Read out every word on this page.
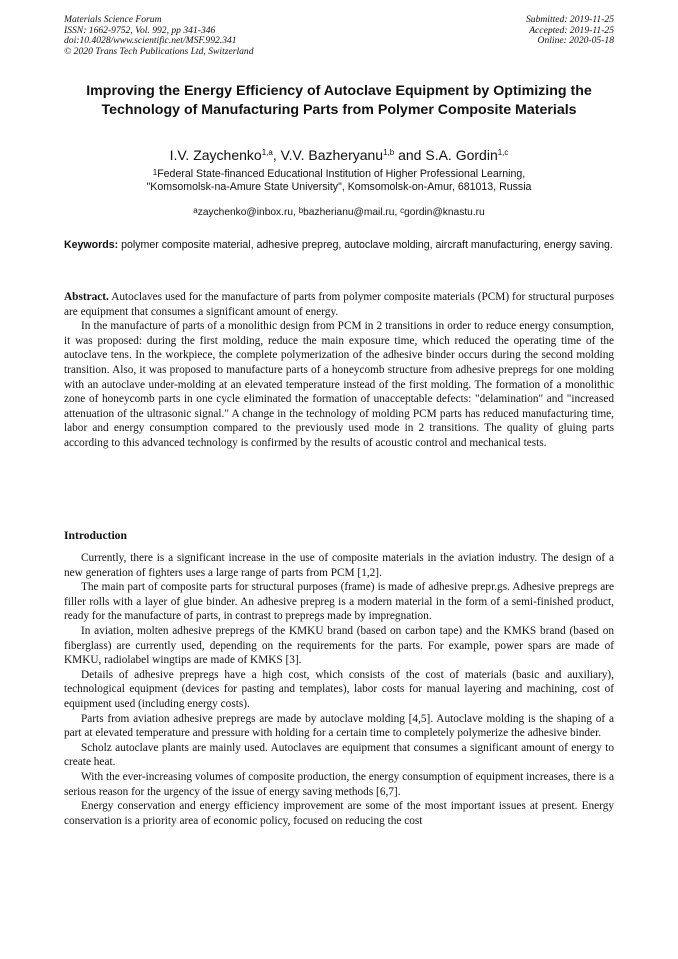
Materials Science Forum
ISSN: 1662-9752, Vol. 992, pp 341-346
doi:10.4028/www.scientific.net/MSF.992.341
© 2020 Trans Tech Publications Ltd, Switzerland
Submitted: 2019-11-25
Accepted: 2019-11-25
Online: 2020-05-18
Improving the Energy Efficiency of Autoclave Equipment by Optimizing the Technology of Manufacturing Parts from Polymer Composite Materials
I.V. Zaychenko$^{1,a}$, V.V. Bazheryanu$^{1,b}$ and S.A. Gordin$^{1,c}$
$^1$Federal State-financed Educational Institution of Higher Professional Learning,
"Komsomolsk-na-Amure State University", Komsomolsk-on-Amur, 681013, Russia
$^a$zaychenko@inbox.ru, $^b$bazherianu@mail.ru, $^c$gordin@knastu.ru
Keywords: polymer composite material, adhesive prepreg, autoclave molding, aircraft manufacturing, energy saving.

Abstract. Autoclaves used for the manufacture of parts from polymer composite materials (PCM) for structural purposes are equipment that consumes a significant amount of energy.

In the manufacture of parts of a monolithic design from PCM in 2 transitions in order to reduce energy consumption, it was proposed: during the first molding, reduce the main exposure time, which reduced the operating time of the autoclave tens. In the workpiece, the complete polymerization of the adhesive binder occurs during the second molding transition. Also, it was proposed to manufacture parts of a honeycomb structure from adhesive prepregs for one molding with an autoclave under-molding at an elevated temperature instead of the first molding. The formation of a monolithic zone of honeycomb parts in one cycle eliminated the formation of unacceptable defects: "delamination" and "increased attenuation of the ultrasonic signal." A change in the technology of molding PCM parts has reduced manufacturing time, labor and energy consumption compared to the previously used mode in 2 transitions. The quality of gluing parts according to this advanced technology is confirmed by the results of acoustic control and mechanical tests.

Introduction

Currently, there is a significant increase in the use of composite materials in the aviation industry. The design of a new generation of fighters uses a large range of parts from PCM [1,2].

The main part of composite parts for structural purposes (frame) is made of adhesive prepr.gs. Adhesive prepregs are filler rolls with a layer of glue binder. An adhesive prepreg is a modern material in the form of a semi-finished product, ready for the manufacture of parts, in contrast to prepregs made by impregnation.

In aviation, molten adhesive prepregs of the KMKU brand (based on carbon tape) and the KMKS brand (based on fiberglass) are currently used, depending on the requirements for the parts. For example, power spars are made of KMKU, radiolabel wingtips are made of KMKS [3].

Details of adhesive prepregs have a high cost, which consists of the cost of materials (basic and auxiliary), technological equipment (devices for pasting and templates), labor costs for manual layering and machining, cost of equipment used (including energy costs).

Parts from aviation adhesive prepregs are made by autoclave molding [4,5]. Autoclave molding is the shaping of a part at elevated temperature and pressure with holding for a certain time to completely polymerize the adhesive binder.

Scholz autoclave plants are mainly used. Autoclaves are equipment that consumes a significant amount of energy to create heat.

With the ever-increasing volumes of composite production, the energy consumption of equipment increases, there is a serious reason for the urgency of the issue of energy saving methods [6,7].

Energy conservation and energy efficiency improvement are some of the most important issues at present. Energy conservation is a priority area of economic policy, focused on reducing the cost
